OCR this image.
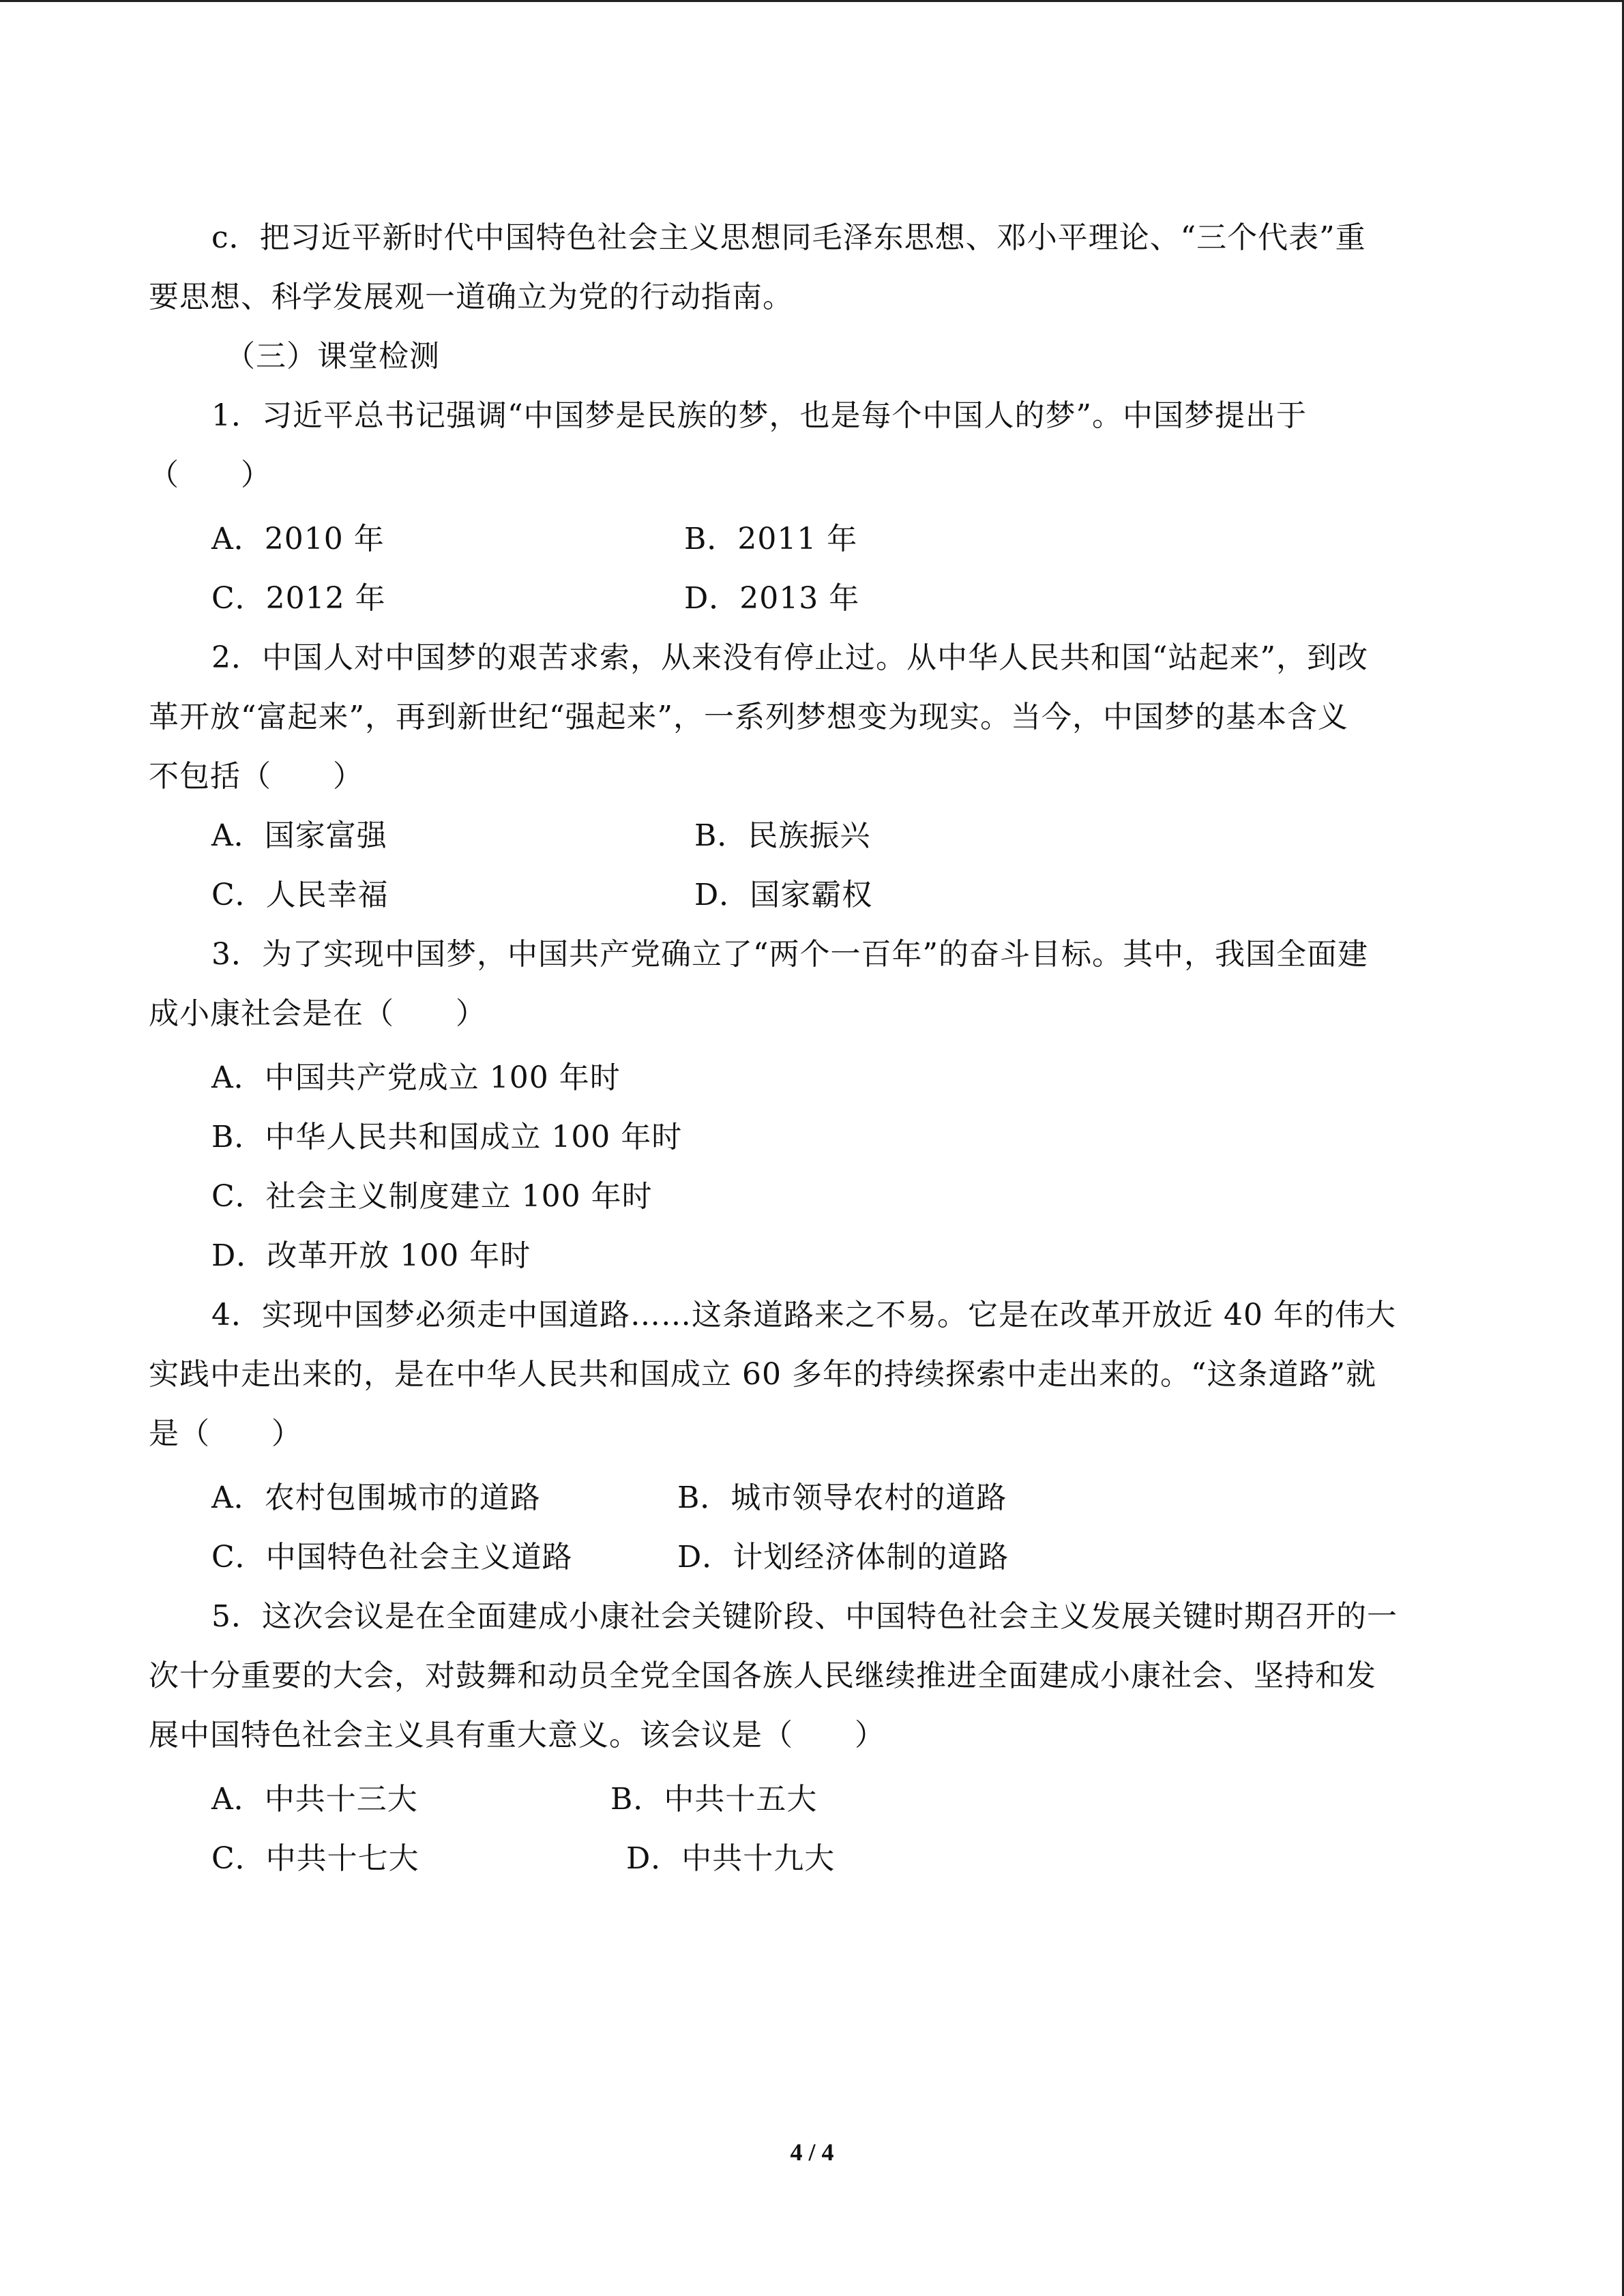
c．把习近平新时代中国特色社会主义思想同毛泽东思想、邓小平理论、“三个代表”重
要思想、科学发展观一道确立为党的行动指南。
（三）课堂检测
1．习近平总书记强调“中国梦是民族的梦，也是每个中国人的梦”。中国梦提出于
（　　）
A．2010 年	B．2011 年
C．2012 年	D．2013 年
2．中国人对中国梦的艰苦求索，从来没有停止过。从中华人民共和国“站起来”，到改
革开放“富起来”，再到新世纪“强起来”，一系列梦想变为现实。当今，中国梦的基本含义
不包括（　　）
A．国家富强	B．民族振兴
C．人民幸福	D．国家霸权
3．为了实现中国梦，中国共产党确立了“两个一百年”的奋斗目标。其中，我国全面建
成小康社会是在（　　）
A．中国共产党成立 100 年时
B．中华人民共和国成立 100 年时
C．社会主义制度建立 100 年时
D．改革开放 100 年时
4．实现中国梦必须走中国道路……这条道路来之不易。它是在改革开放近 40 年的伟大
实践中走出来的，是在中华人民共和国成立 60 多年的持续探索中走出来的。“这条道路”就
是（　　）
A．农村包围城市的道路	B．城市领导农村的道路
C．中国特色社会主义道路	D．计划经济体制的道路
5．这次会议是在全面建成小康社会关键阶段、中国特色社会主义发展关键时期召开的一
次十分重要的大会，对鼓舞和动员全党全国各族人民继续推进全面建成小康社会、坚持和发
展中国特色社会主义具有重大意义。该会议是（　　）
A．中共十三大	B．中共十五大
C．中共十七大	D．中共十九大
4 / 4
